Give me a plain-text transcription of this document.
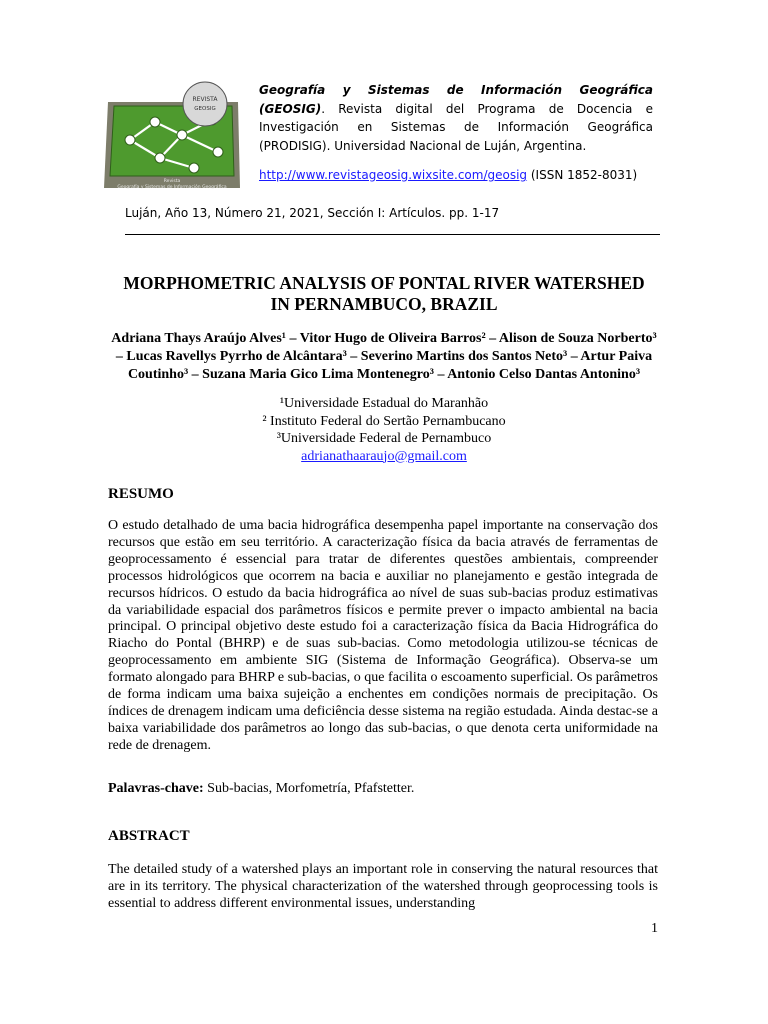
REVISTA
GEOSIG
Revista
Geografía y Sistemas de Información Geográfica
Geografía y Sistemas de Información Geográfica (GEOSIG). Revista digital del Programa de Docencia e Investigación en Sistemas de Información Geográfica (PRODISIG). Universidad Nacional de Luján, Argentina.
http://www.revistageosig.wixsite.com/geosig (ISSN 1852-8031)
Luján, Año 13, Número 21, 2021, Sección I: Artículos. pp. 1-17
MORPHOMETRIC ANALYSIS OF PONTAL RIVER WATERSHED
IN PERNAMBUCO, BRAZIL
Adriana Thays Araújo Alves¹ – Vitor Hugo de Oliveira Barros² – Alison de Souza Norberto³ – Lucas Ravellys Pyrrho de Alcântara³ – Severino Martins dos Santos Neto³ – Artur Paiva Coutinho³ – Suzana Maria Gico Lima Montenegro³ – Antonio Celso Dantas Antonino³
¹Universidade Estadual do Maranhão
² Instituto Federal do Sertão Pernambucano
³Universidade Federal de Pernambuco
adrianathaaraujo@gmail.com
RESUMO
O estudo detalhado de uma bacia hidrográfica desempenha papel importante na conservação dos recursos que estão em seu território. A caracterização física da bacia através de ferramentas de geoprocessamento é essencial para tratar de diferentes questões ambientais, compreender processos hidrológicos que ocorrem na bacia e auxiliar no planejamento e gestão integrada de recursos hídricos. O estudo da bacia hidrográfica ao nível de suas sub-bacias produz estimativas da variabilidade espacial dos parâmetros físicos e permite prever o impacto ambiental na bacia principal. O principal objetivo deste estudo foi a caracterização física da Bacia Hidrográfica do Riacho do Pontal (BHRP) e de suas sub-bacias. Como metodologia utilizou-se técnicas de geoprocessamento em ambiente SIG (Sistema de Informação Geográfica). Observa-se um formato alongado para BHRP e sub-bacias, o que facilita o escoamento superficial. Os parâmetros de forma indicam uma baixa sujeição a enchentes em condições normais de precipitação. Os índices de drenagem indicam uma deficiência desse sistema na região estudada. Ainda destac-se a baixa variabilidade dos parâmetros ao longo das sub-bacias, o que denota certa uniformidade na rede de drenagem.
Palavras-chave: Sub-bacias, Morfometría, Pfafstetter.
ABSTRACT
The detailed study of a watershed plays an important role in conserving the natural resources that are in its territory. The physical characterization of the watershed through geoprocessing tools is essential to address different environmental issues, understanding
1
